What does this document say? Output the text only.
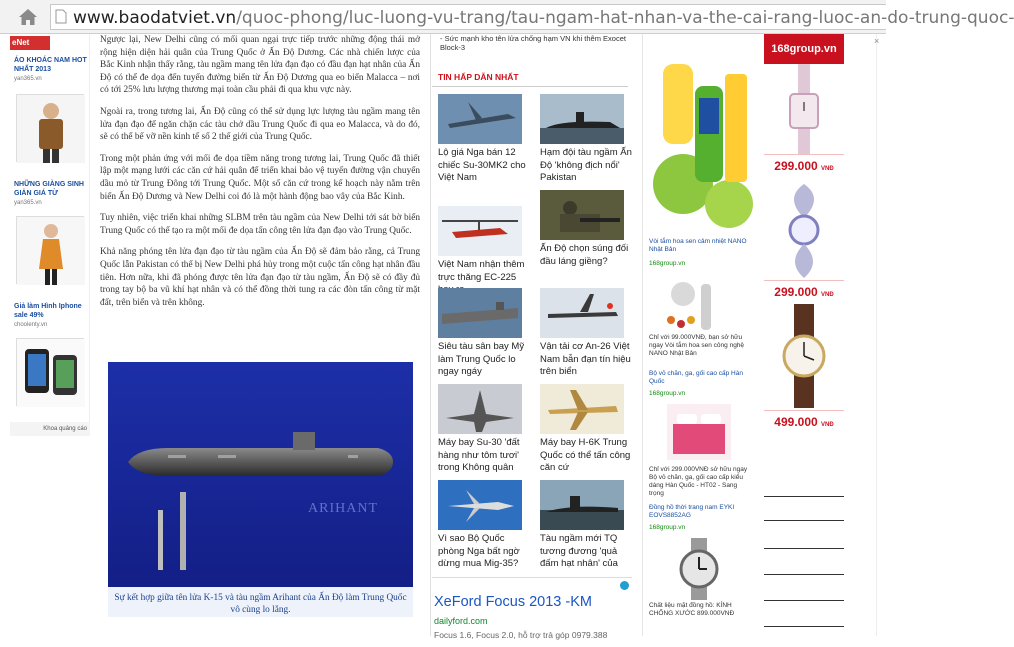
www.baodatviet.vn/quoc-phong/luc-luong-vu-trang/tau-ngam-hat-nhan-va-the-cai-rang-luoc-an-do-trung-quoc-
eNet
ÁO KHOÁC NAM HOT NHẤT 2013
yan365.vn
NHỮNG GIÀNG SINH GIẢN GIÁ TỪ
yan365.vn
Giả làm Hình Iphone sale 49%
choolenty.vn
Khoa quảng cáo

Ngược lại, New Delhi cũng có mối quan ngại trực tiếp trước những động thái mở rộng hiện diện hải quân của Trung Quốc ở Ấn Độ Dương. Các nhà chiến lược của Bắc Kinh nhận thấy rằng, tàu ngầm mang tên lửa đạn đạo có đầu đạn hạt nhân của Ấn Độ có thể đe dọa đến tuyến đường biển từ Ấn Độ Dương qua eo biển Malacca – nơi có tới 25% lưu lượng thương mại toàn cầu phải đi qua khu vực này.

Ngoài ra, trong tương lai, Ấn Độ cũng có thể sử dụng lực lượng tàu ngầm mang tên lửa đạn đạo để ngăn chặn các tàu chở dầu Trung Quốc đi qua eo Malacca, và do đó, sẽ có thể bế vỡ nền kinh tế số 2 thế giới của Trung Quốc.

Trong một phản ứng với mối đe dọa tiềm năng trong tương lai, Trung Quốc đã thiết lập một mạng lưới các căn cứ hải quân để triển khai bảo vệ tuyến đường vận chuyển dầu mỏ từ Trung Đông tới Trung Quốc. Một số căn cứ trong kế hoạch này nằm trên biển Ấn Độ Dương và New Delhi coi đó là một hành động bao vây của Bắc Kinh.

Tuy nhiên, việc triển khai những SLBM trên tàu ngầm của New Delhi tới sát bờ biển Trung Quốc có thể tạo ra một mối đe dọa tấn công tên lửa đạn đạo vào Trung Quốc.

Khả năng phóng tên lửa đạn đạo từ tàu ngầm của Ấn Độ sẽ đảm bảo rằng, cả Trung Quốc lẫn Pakistan có thể bị New Delhi phá hủy trong một cuộc tấn công hạt nhân đầu tiên. Hơn nữa, khi đã phóng được tên lửa đạn đạo từ tàu ngầm, Ấn Độ sẽ có đầy đủ trong tay bộ ba vũ khí hạt nhân và có thể đồng thời tung ra các đòn tấn công từ mặt đất, trên biển và trên không.

ARIHANT
Sự kết hợp giữa tên lửa K-15 và tàu ngầm Arihant của Ấn Độ làm Trung Quốc vô cùng lo lắng.
- Sức mạnh kho tên lửa chống hạm VN khi thêm Exocet Block-3
TIN HẤP DẪN NHẤT
Lộ giá Nga bán 12 chiếc Su-30MK2 cho Việt Nam
Hạm đội tàu ngầm Ấn Độ 'không địch nổi' Pakistan
Việt Nam nhận thêm trực thăng EC-225
Ấn Độ chọn súng đối đầu láng giềng?
Siêu tàu sân bay Mỹ làm Trung Quốc lo ngay ngáy
Vận tải cơ An-26 Việt Nam bẫn đạn tín hiệu trên biển
Máy bay Su-30 'đất hàng như tôm tươi' trong Không quân
Máy bay H-6K Trung Quốc có thể tấn công căn cứ
Vì sao Bộ Quốc phòng Nga bất ngờ dừng mua Mig-35?
Tàu ngầm mới TQ tương đương 'quả đấm hạt nhân' của
XeFord Focus 2013 -KM
dailyford.com
Focus 1.6, Focus 2.0, hỗ trợ trả góp 0979.388
Vòi tắm hoa sen cảm nhiệt NANO Nhật Bản
168group.vn
Chỉ với 99.000VNĐ, bạn sở hữu ngay Vòi tắm hoa sen công nghệ NANO Nhật Bản
Bộ vỏ chăn, ga, gối cao cấp Hàn Quốc
168group.vn
Chỉ với 299.000VNĐ sở hữu ngay Bộ vỏ chăn, ga, gối cao cấp kiểu dáng Hàn Quốc - HT02 - Sang trọng
Đồng hồ thời trang nam EYKI EOVS8852AG
168group.vn
Chất liệu mặt đồng hồ: KÍNH CHỐNG XƯỚC 899.000VNĐ
168group.vn
299.000 VNĐ
299.000 VNĐ
499.000 VNĐ
×
